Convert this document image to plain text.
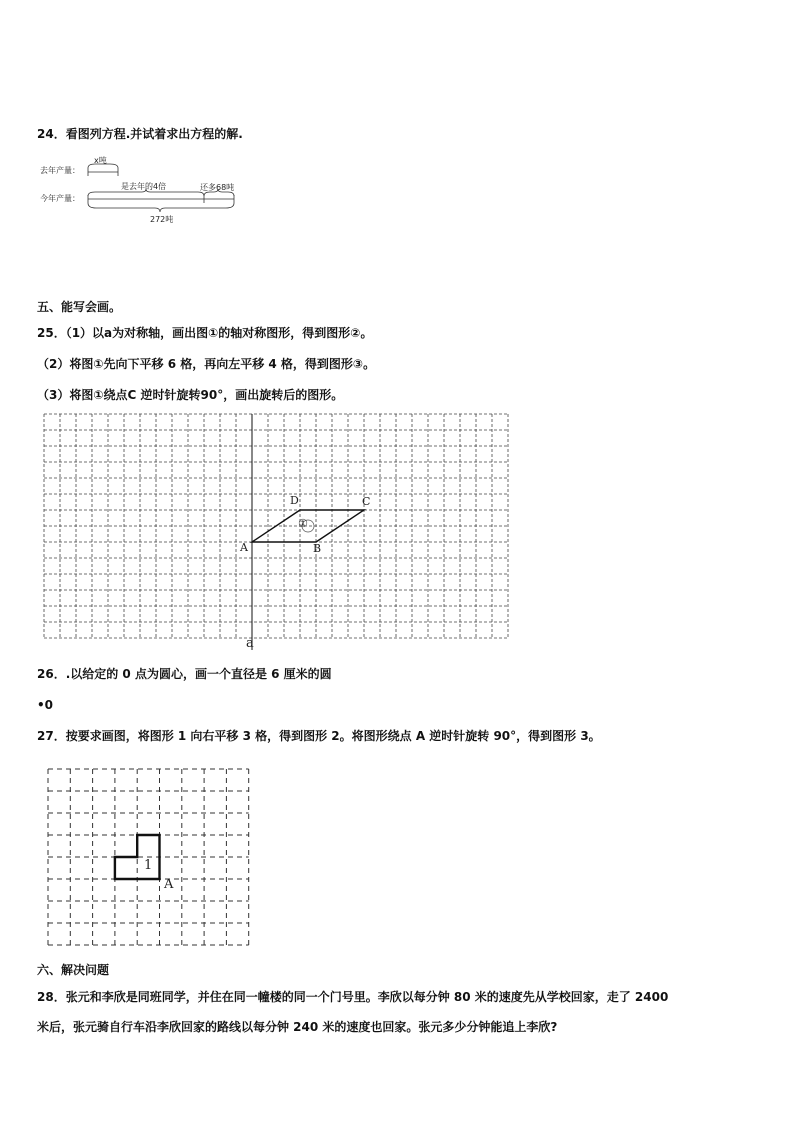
24．看图列方程.并试着求出方程的解.
去年产量：
x吨
今年产量：
是去年的4倍	还多68吨
272吨
五、能写会画。
25．（1）以a为对称轴，画出图①的轴对称图形，得到图形②。
（2）将图①先向下平移 6 格，再向左平移 4 格，得到图形③。
（3）将图①绕点C 逆时针旋转90°，画出旋转后的图形。
D	C
A	B
①
a
26．.以给定的 0 点为圆心，画一个直径是 6 厘米的圆
•0
27．按要求画图，将图形 1 向右平移 3 格，得到图形 2。将图形绕点 A 逆时针旋转 90°，得到图形 3。
1
A
六、解决问题
28．张元和李欣是同班同学，并住在同一幢楼的同一个门号里。李欣以每分钟 80 米的速度先从学校回家，走了 2400
米后，张元骑自行车沿李欣回家的路线以每分钟 240 米的速度也回家。张元多少分钟能追上李欣?
